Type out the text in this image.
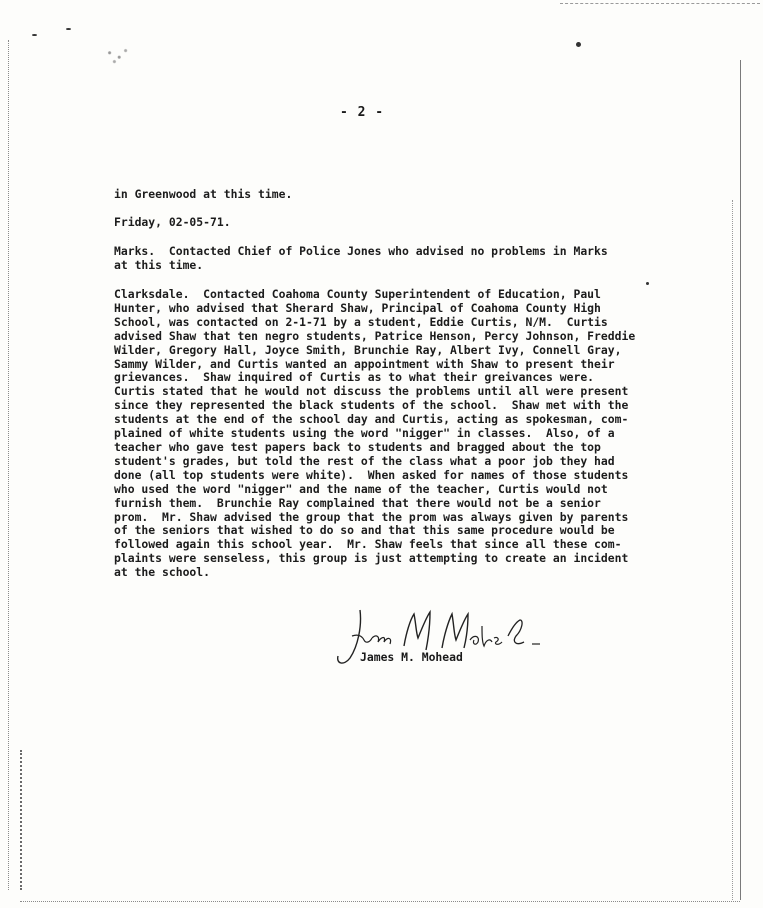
- 2 -
in Greenwood at this time.
Friday, 02-05-71.
Marks.  Contacted Chief of Police Jones who advised no problems in Marks
at this time.
Clarksdale.  Contacted Coahoma County Superintendent of Education, Paul
Hunter, who advised that Sherard Shaw, Principal of Coahoma County High
School, was contacted on 2-1-71 by a student, Eddie Curtis, N/M.  Curtis
advised Shaw that ten negro students, Patrice Henson, Percy Johnson, Freddie
Wilder, Gregory Hall, Joyce Smith, Brunchie Ray, Albert Ivy, Connell Gray,
Sammy Wilder, and Curtis wanted an appointment with Shaw to present their
grievances.  Shaw inquired of Curtis as to what their greivances were.
Curtis stated that he would not discuss the problems until all were present
since they represented the black students of the school.  Shaw met with the
students at the end of the school day and Curtis, acting as spokesman, com-
plained of white students using the word "nigger" in classes.  Also, of a
teacher who gave test papers back to students and bragged about the top
student's grades, but told the rest of the class what a poor job they had
done (all top students were white).  When asked for names of those students
who used the word "nigger" and the name of the teacher, Curtis would not
furnish them.  Brunchie Ray complained that there would not be a senior
prom.  Mr. Shaw advised the group that the prom was always given by parents
of the seniors that wished to do so and that this same procedure would be
followed again this school year.  Mr. Shaw feels that since all these com-
plaints were senseless, this group is just attempting to create an incident
at the school.
James M. Mohead
